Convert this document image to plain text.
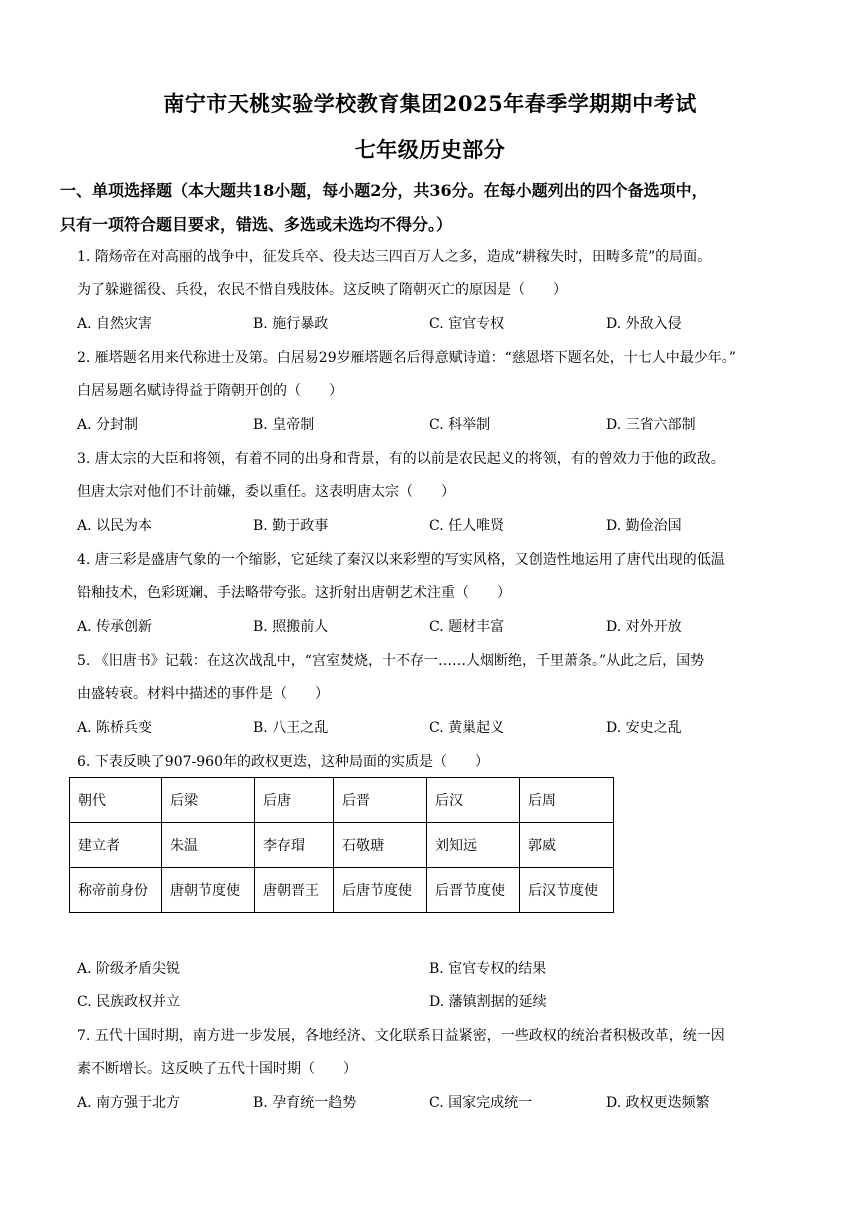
南宁市天桃实验学校教育集团2025年春季学期期中考试
七年级历史部分
一、单项选择题（本大题共18小题，每小题2分，共36分。在每小题列出的四个备选项中，
只有一项符合题目要求，错选、多选或未选均不得分。）
1. 隋炀帝在对高丽的战争中，征发兵卒、役夫达三四百万人之多，造成“耕稼失时，田畴多荒”的局面。
为了躲避徭役、兵役，农民不惜自残肢体。这反映了隋朝灭亡的原因是（　　）
A. 自然灾害	B. 施行暴政	C. 宦官专权	D. 外敌入侵
2. 雁塔题名用来代称进士及第。白居易29岁雁塔题名后得意赋诗道：“慈恩塔下题名处，十七人中最少年。”
白居易题名赋诗得益于隋朝开创的（　　）
A. 分封制	B. 皇帝制	C. 科举制	D. 三省六部制
3. 唐太宗的大臣和将领，有着不同的出身和背景，有的以前是农民起义的将领，有的曾效力于他的政敌。
但唐太宗对他们不计前嫌，委以重任。这表明唐太宗（　　）
A. 以民为本	B. 勤于政事	C. 任人唯贤	D. 勤俭治国
4. 唐三彩是盛唐气象的一个缩影，它延续了秦汉以来彩塑的写实风格，又创造性地运用了唐代出现的低温
铅釉技术，色彩斑斓、手法略带夸张。这折射出唐朝艺术注重（　　）
A. 传承创新	B. 照搬前人	C. 题材丰富	D. 对外开放
5. 《旧唐书》记载：在这次战乱中，“宫室焚烧，十不存一……人烟断绝，千里萧条。”从此之后，国势
由盛转衰。材料中描述的事件是（　　）
A. 陈桥兵变	B. 八王之乱	C. 黄巢起义	D. 安史之乱
6. 下表反映了907-960年的政权更迭，这种局面的实质是（　　）
朝代	后梁	后唐	后晋	后汉	后周
建立者	朱温	李存瑁	石敬瑭	刘知远	郭威
称帝前身份	唐朝节度使	唐朝晋王	后唐节度使	后晋节度使	后汉节度使
A. 阶级矛盾尖锐	B. 宦官专权的结果
C. 民族政权并立	D. 藩镇割据的延续
7. 五代十国时期，南方进一步发展，各地经济、文化联系日益紧密，一些政权的统治者积极改革，统一因
素不断增长。这反映了五代十国时期（　　）
A. 南方强于北方	B. 孕育统一趋势	C. 国家完成统一	D. 政权更迭频繁
